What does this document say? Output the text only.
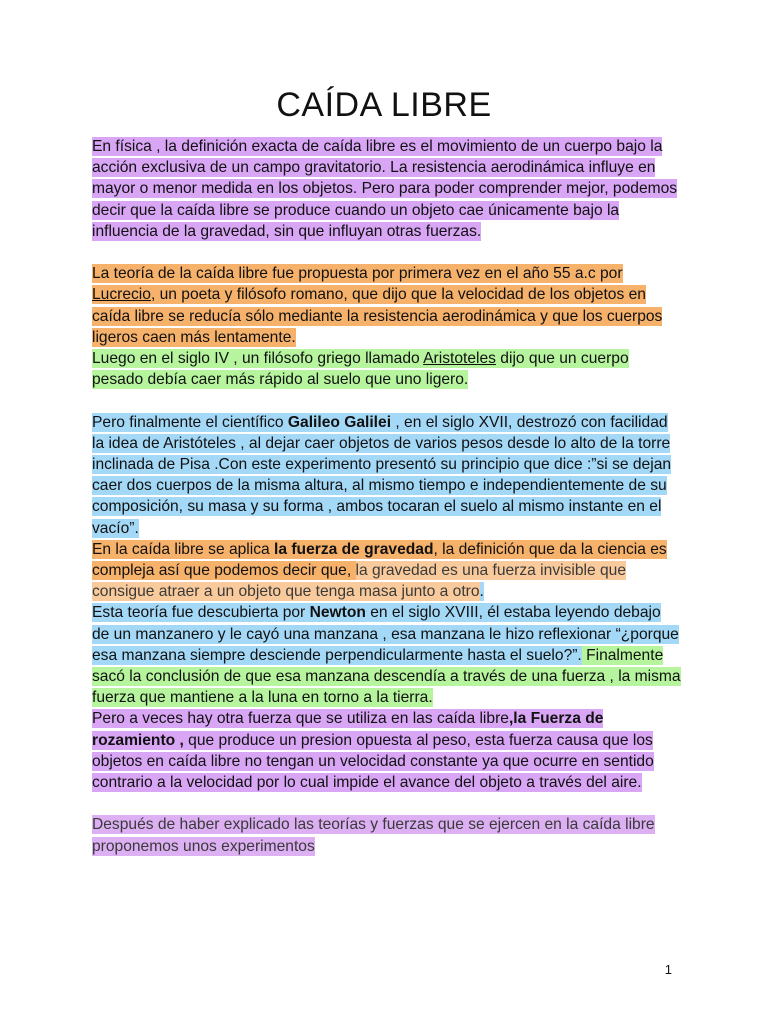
CAÍDA LIBRE

En física , la definición exacta de caída libre es el movimiento de un cuerpo bajo la acción exclusiva de un campo gravitatorio. La resistencia aerodinámica influye en mayor o menor medida en los objetos. Pero para poder comprender mejor, podemos decir que la caída libre se produce cuando un objeto cae únicamente bajo la influencia de la gravedad, sin que influyan otras fuerzas.

La teoría de la caída libre fue propuesta por primera vez en el año 55 a.c por Lucrecio, un poeta y filósofo romano, que dijo que la velocidad de los objetos en caída libre se reducía sólo mediante la resistencia aerodinámica y que los cuerpos ligeros caen más lentamente.
Luego en el siglo IV , un filósofo griego llamado Aristoteles dijo que un cuerpo pesado debía caer más rápido al suelo que uno ligero.

Pero finalmente el científico Galileo Galilei , en el siglo XVII, destrozó con facilidad la idea de Aristóteles , al dejar caer objetos de varios pesos desde lo alto de la torre inclinada de Pisa .Con este experimento presentó su principio que dice :”si se dejan caer dos cuerpos de la misma altura, al mismo tiempo e independientemente de su composición, su masa y su forma , ambos tocaran el suelo al mismo instante en el vacío”.
En la caída libre se aplica la fuerza de gravedad, la definición que da la ciencia es compleja así que podemos decir que, la gravedad es una fuerza invisible que consigue atraer a un objeto que tenga masa junto a otro.
Esta teoría fue descubierta por Newton en el siglo XVIII, él estaba leyendo debajo de un manzanero y le cayó una manzana , esa manzana le hizo reflexionar “¿porque esa manzana siempre desciende perpendicularmente hasta el suelo?”. Finalmente sacó la conclusión de que esa manzana descendía a través de una fuerza , la misma fuerza que mantiene a la luna en torno a la tierra.
Pero a veces hay otra fuerza que se utiliza en las caída libre,la Fuerza de rozamiento , que produce un presion opuesta al peso, esta fuerza causa que los objetos en caída libre no tengan un velocidad constante ya que ocurre en sentido contrario a la velocidad por lo cual impide el avance del objeto a través del aire.

Después de haber explicado las teorías y fuerzas que se ejercen en la caída libre proponemos unos experimentos

1
